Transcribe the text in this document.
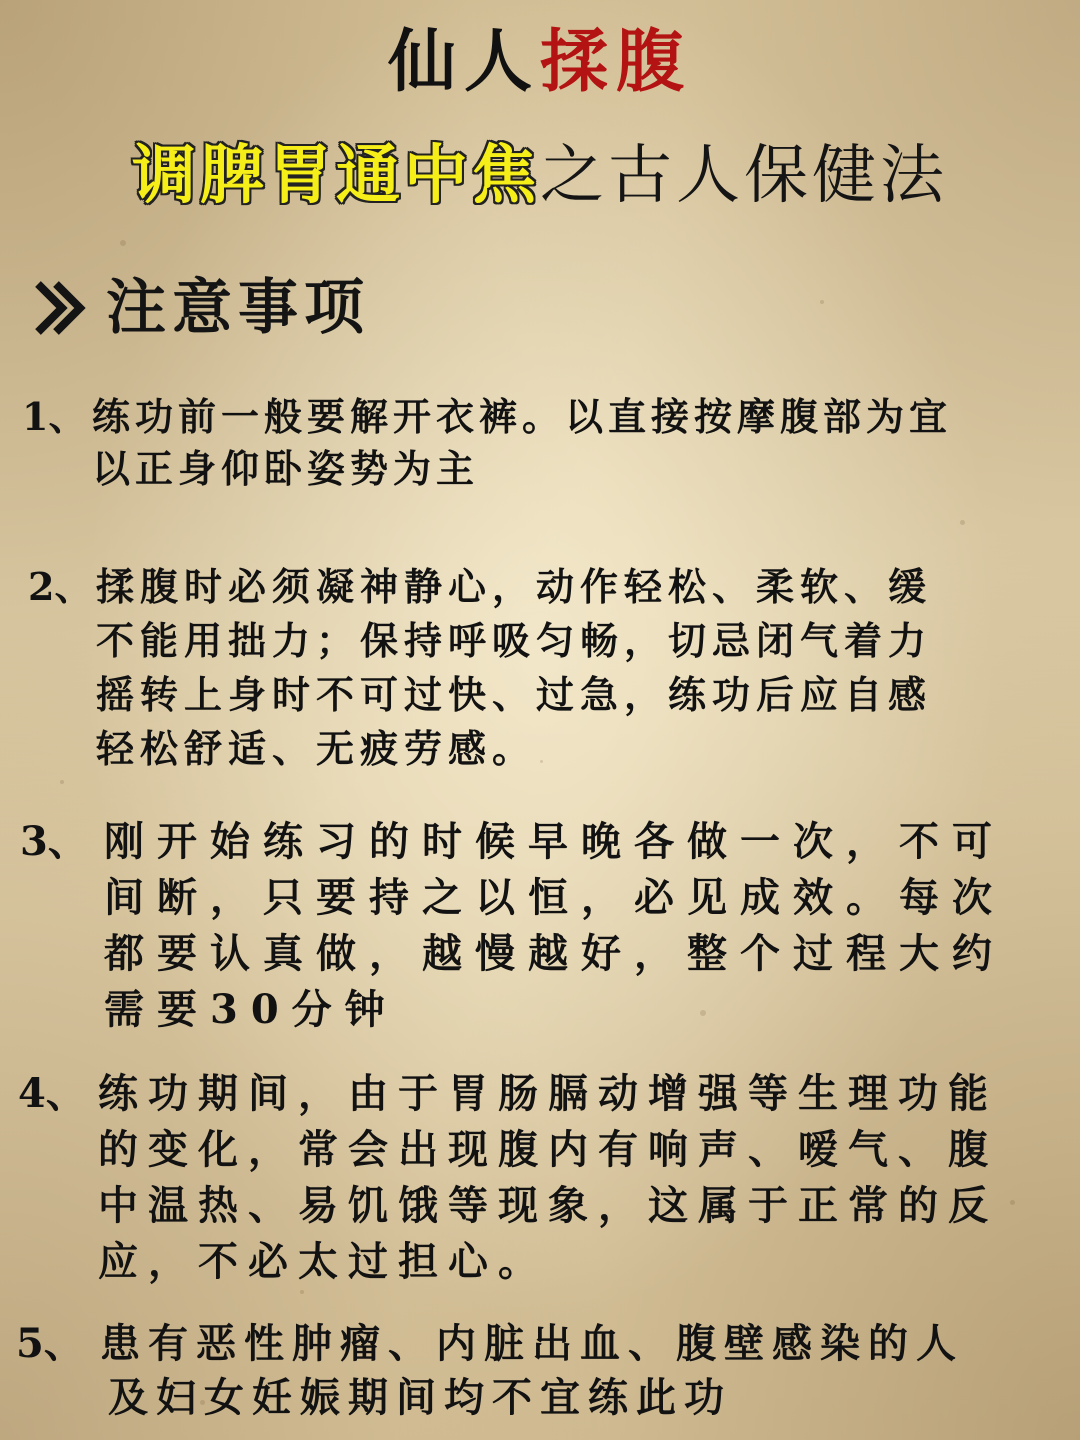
仙人揉腹
调脾胃通中焦之古人保健法
注意事项
1、 练功前一般要解开衣裤。以直接按摩腹部为宜
以正身仰卧姿势为主
2、 揉腹时必须凝神静心，动作轻松、柔软、缓
不能用拙力；保持呼吸匀畅，切忌闭气着力
摇转上身时不可过快、过急，练功后应自感
轻松舒适、无疲劳感。
3、 刚开始练习的时候早晚各做一次，不可
间断，只要持之以恒，必见成效。每次
都要认真做，越慢越好，整个过程大约
需要30分钟
4、 练功期间，由于胃肠膈动增强等生理功能
的变化，常会出现腹内有响声、嗳气、腹
中温热、易饥饿等现象，这属于正常的反
应，不必太过担心。
5、 患有恶性肿瘤、内脏出血、腹壁感染的人
及妇女妊娠期间均不宜练此功
